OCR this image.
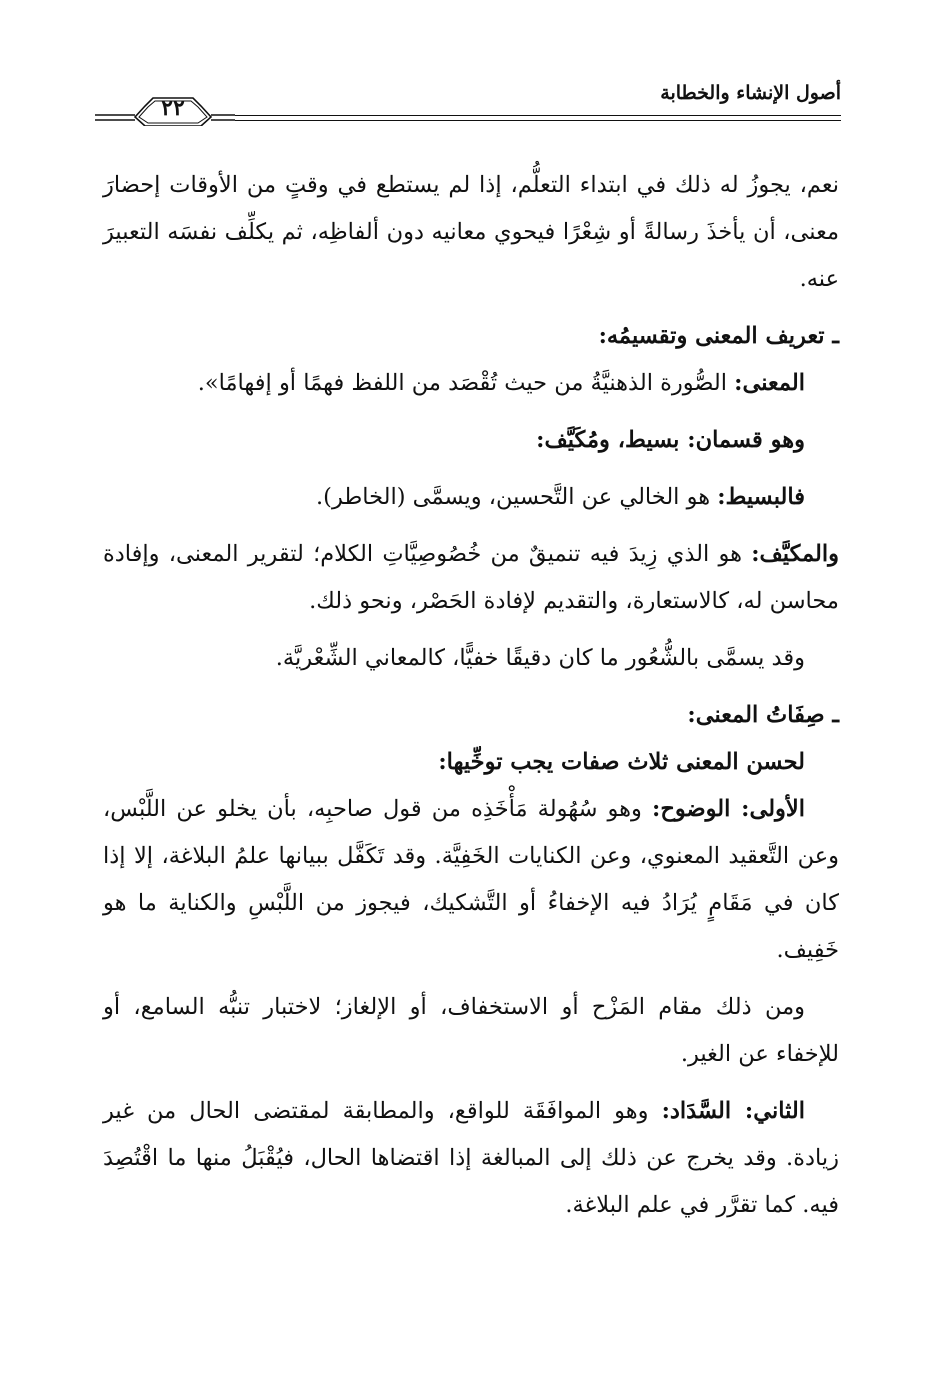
أصول الإنشاء والخطابة
٢٢

نعم، يجوزُ له ذلك في ابتداء التعلُّم، إذا لم يستطع في وقتٍ من الأوقات إحضارَ معنى، أن يأخذَ رسالةً أو شِعْرًا فيحوي معانيه دون ألفاظِه، ثم يكلِّف نفسَه التعبيرَ عنه.

ـ تعريف المعنى وتقسيمُه:

المعنى: الصُّورة الذهنيَّةُ من حيث تُقْصَد من اللفظ فهمًا أو إفهامًا».

وهو قسمان: بسيط، ومُكَيَّف:

فالبسيط: هو الخالي عن التَّحسين، ويسمَّى (الخاطر).

والمكيَّف: هو الذي زِيدَ فيه تنميقٌ من خُصُوصِيَّاتِ الكلام؛ لتقرير المعنى، وإفادة محاسن له، كالاستعارة، والتقديم لإفادة الحَصْر، ونحو ذلك.

وقد يسمَّى بالشُّعُور ما كان دقيقًا خفيًّا، كالمعاني الشِّعْريَّة.

ـ صِفَاتُ المعنى:

لحسن المعنى ثلاث صفات يجب توخِّيها:

الأولى: الوضوح: وهو سُهُولة مَأْخَذِه من قول صاحبِه، بأن يخلو عن اللَّبْس، وعن التَّعقيد المعنوي، وعن الكنايات الخَفِيَّة. وقد تَكَفَّل ببيانها علمُ البلاغة، إلا إذا كان في مَقَامٍ يُرَادُ فيه الإخفاءُ أو التَّشكيك، فيجوز من اللَّبْسِ والكناية ما هو خَفِيف.

ومن ذلك مقام المَزْح أو الاستخفاف، أو الإلغاز؛ لاختبار تنبُّه السامع، أو للإخفاء عن الغير.

الثاني: السَّدَاد: وهو الموافَقَة للواقع، والمطابقة لمقتضى الحال من غير زيادة. وقد يخرج عن ذلك إلى المبالغة إذا اقتضاها الحال، فيُقْبَلُ منها ما اقْتُصِدَ فيه. كما تقرَّر في علم البلاغة.
